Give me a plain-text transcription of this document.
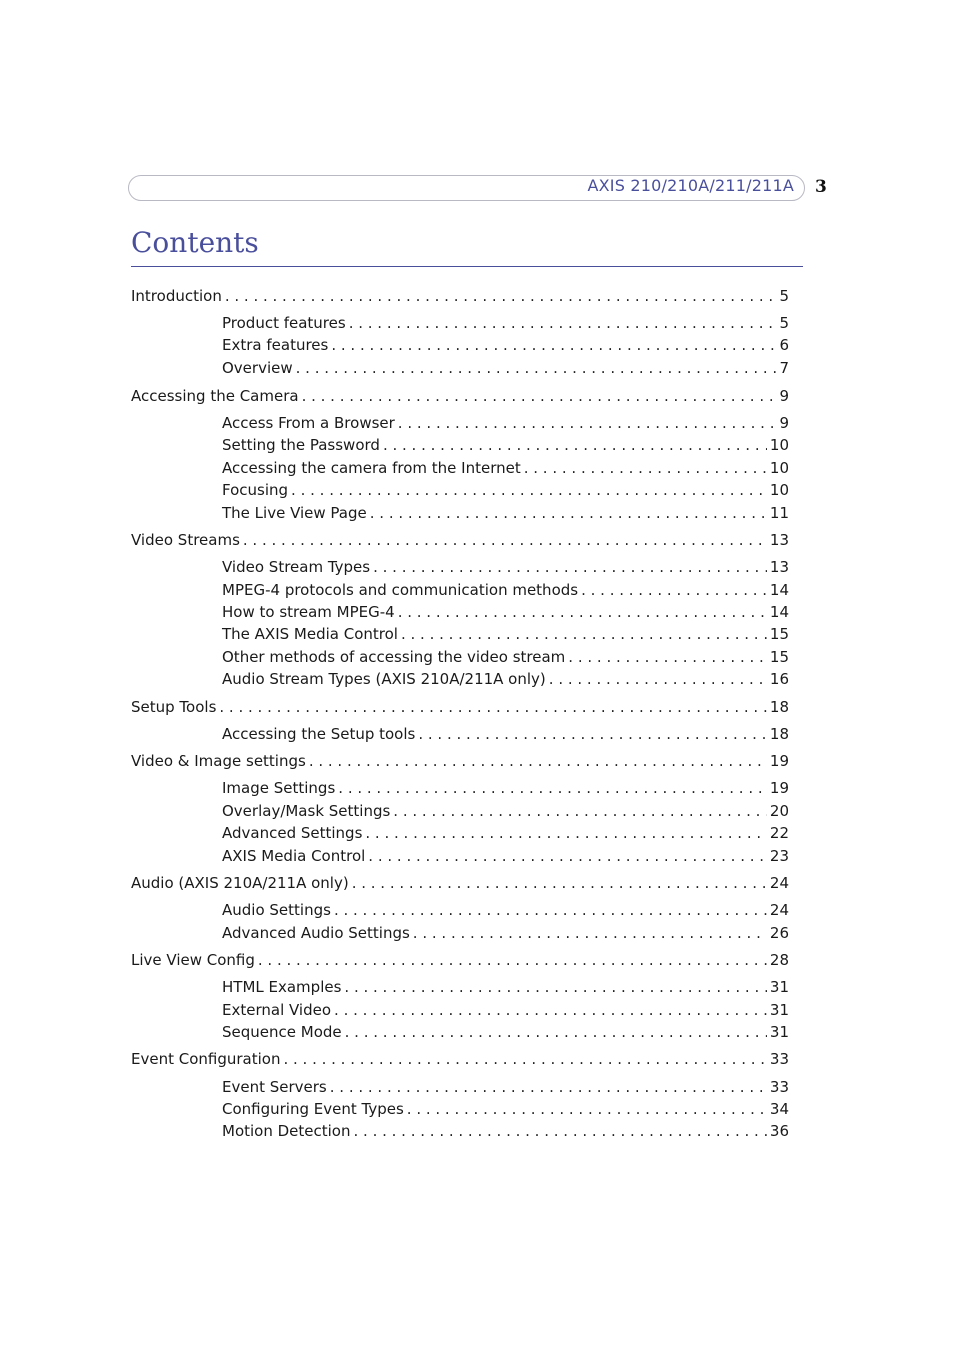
AXIS 210/210A/211/211A 3
Contents
Introduction . . .	5
Product features . . .	5
Extra features . . .	6
Overview . . .	7
Accessing the Camera . . .	9
Access From a Browser . . .	9
Setting the Password . . .	10
Accessing the camera from the Internet . . .	10
Focusing . . .	10
The Live View Page . . .	11
Video Streams . . .	13
Video Stream Types . . .	13
MPEG-4 protocols and communication methods . . .	14
How to stream MPEG-4 . . .	14
The AXIS Media Control . . .	15
Other methods of accessing the video stream . . .	15
Audio Stream Types (AXIS 210A/211A only) . . .	16
Setup Tools . . .	18
Accessing the Setup tools . . .	18
Video & Image settings . . .	19
Image Settings . . .	19
Overlay/Mask Settings . . .	20
Advanced Settings . . .	22
AXIS Media Control . . .	23
Audio (AXIS 210A/211A only) . . .	24
Audio Settings . . .	24
Advanced Audio Settings . . .	26
Live View Config . . .	28
HTML Examples . . .	31
External Video . . .	31
Sequence Mode . . .	31
Event Configuration . . .	33
Event Servers . . .	33
Configuring Event Types . . .	34
Motion Detection . . .	36
